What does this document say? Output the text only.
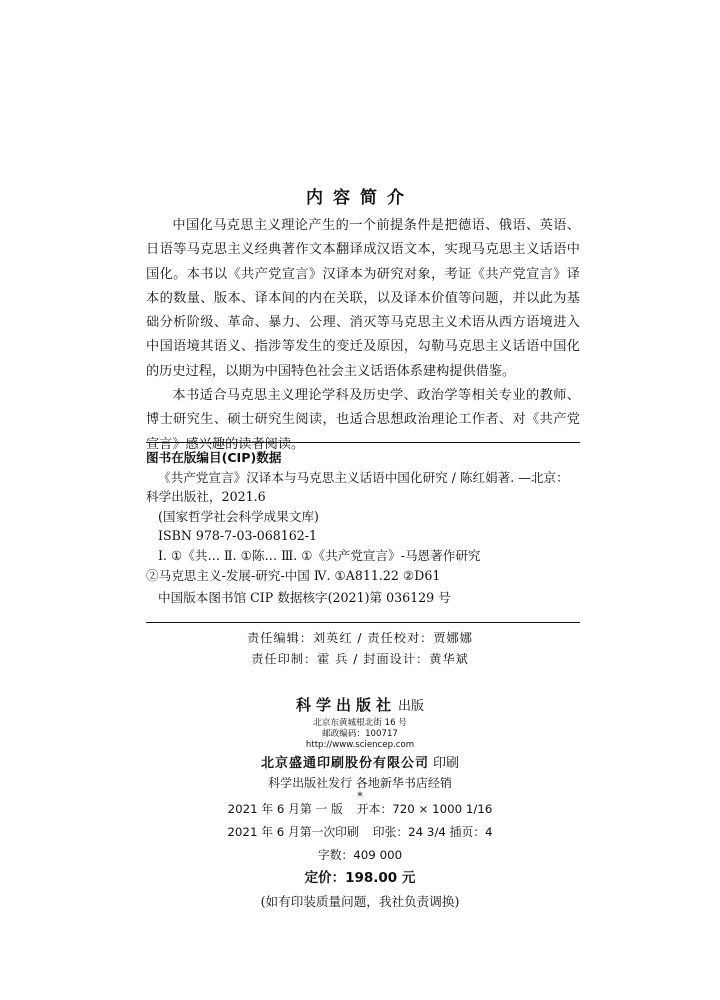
内容简介

中国化马克思主义理论产生的一个前提条件是把德语、俄语、英语、日语等马克思主义经典著作文本翻译成汉语文本，实现马克思主义话语中国化。本书以《共产党宣言》汉译本为研究对象，考证《共产党宣言》译本的数量、版本、译本间的内在关联，以及译本价值等问题，并以此为基础分析阶级、革命、暴力、公理、消灭等马克思主义术语从西方语境进入中国语境其语义、指涉等发生的变迁及原因，勾勒马克思主义话语中国化的历史过程，以期为中国特色社会主义话语体系建构提供借鉴。

本书适合马克思主义理论学科及历史学、政治学等相关专业的教师、博士研究生、硕士研究生阅读，也适合思想政治理论工作者、对《共产党宣言》感兴趣的读者阅读。

图书在版编目(CIP)数据
《共产党宣言》汉译本与马克思主义话语中国化研究 / 陈红娟著. —北京：
科学出版社，2021.6
(国家哲学社会科学成果文库)
ISBN 978-7-03-068162-1
Ⅰ. ①《共… Ⅱ. ①陈… Ⅲ. ①《共产党宣言》-马恩著作研究
②马克思主义-发展-研究-中国 Ⅳ. ①A811.22 ②D61
中国版本图书馆 CIP 数据核字(2021)第 036129 号
责任编辑：刘英红 / 责任校对：贾娜娜
责任印制：霍 兵 / 封面设计：黄华斌
科学出版社 出版
北京东黄城根北街 16 号
邮政编码：100717
http://www.sciencep.com
北京盛通印刷股份有限公司 印刷
科学出版社发行 各地新华书店经销
*
2021 年 6 月第 一 版 开本：720 × 1000 1/16
2021 年 6 月第一次印刷 印张：24 3/4 插页：4
字数：409 000
定价：198.00 元
(如有印装质量问题，我社负责调换)
